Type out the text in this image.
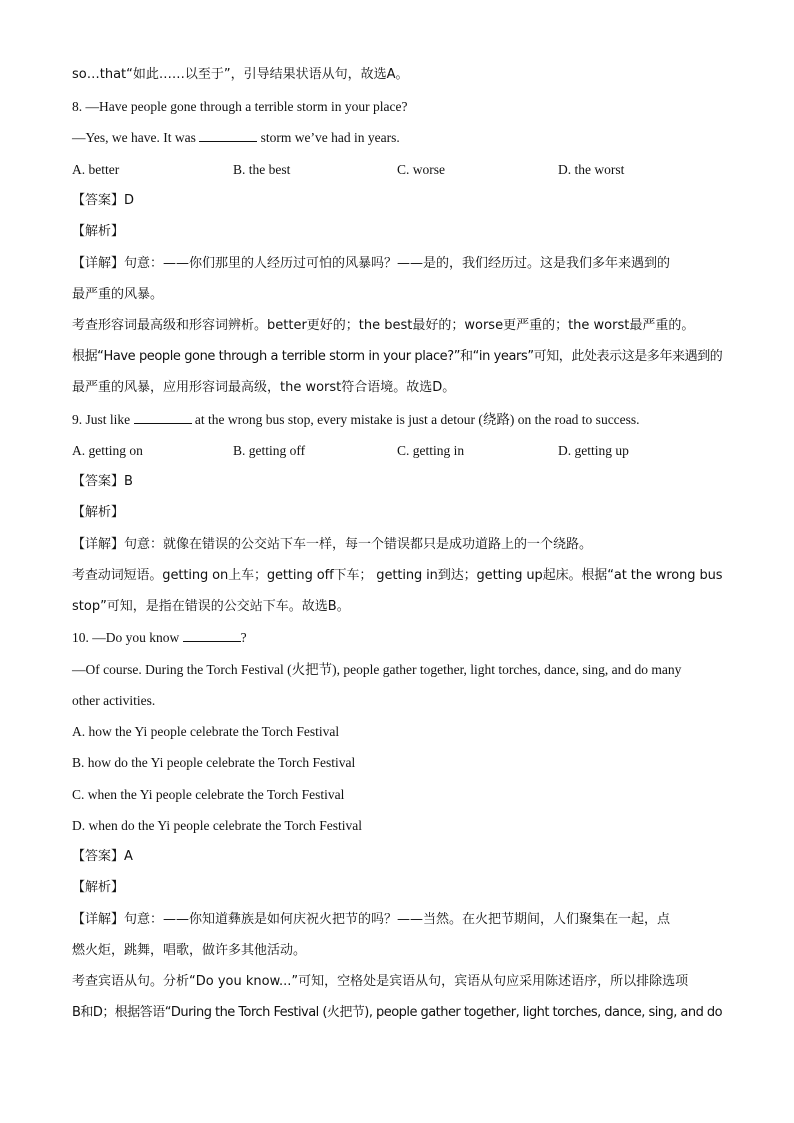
so…that“如此……以至于”，引导结果状语从句，故选A。
8. —Have people gone through a terrible storm in your place?
—Yes, we have. It was	storm we’ve had in years.
A. better	B. the best	C. worse	D. the worst
【答案】D
【解析】
【详解】句意：——你们那里的人经历过可怕的风暴吗？——是的，我们经历过。这是我们多年来遇到的
最严重的风暴。
考查形容词最高级和形容词辨析。better更好的；the best最好的；worse更严重的；the worst最严重的。
根据“Have people gone through a terrible storm in your place?”和“in years”可知，此处表示这是多年来遇到的
最严重的风暴，应用形容词最高级，the worst符合语境。故选D。
9. Just like	at the wrong bus stop, every mistake is just a detour (绕路) on the road to success.
A. getting on	B. getting off	C. getting in	D. getting up
【答案】B
【解析】
【详解】句意：就像在错误的公交站下车一样，每一个错误都只是成功道路上的一个绕路。
考查动词短语。getting on上车；getting off下车； getting in到达；getting up起床。根据“at the wrong bus
stop”可知，是指在错误的公交站下车。故选B。
10. —Do you know	?
—Of course. During the Torch Festival (火把节), people gather together, light torches, dance, sing, and do many
other activities.
A. how the Yi people celebrate the Torch Festival
B. how do the Yi people celebrate the Torch Festival
C. when the Yi people celebrate the Torch Festival
D. when do the Yi people celebrate the Torch Festival
【答案】A
【解析】
【详解】句意：——你知道彝族是如何庆祝火把节的吗？——当然。在火把节期间，人们聚集在一起，点
燃火炬，跳舞，唱歌，做许多其他活动。
考查宾语从句。分析“Do you know...”可知，空格处是宾语从句，宾语从句应采用陈述语序，所以排除选项
B和D；根据答语“During the Torch Festival (火把节), people gather together, light torches, dance, sing, and do
